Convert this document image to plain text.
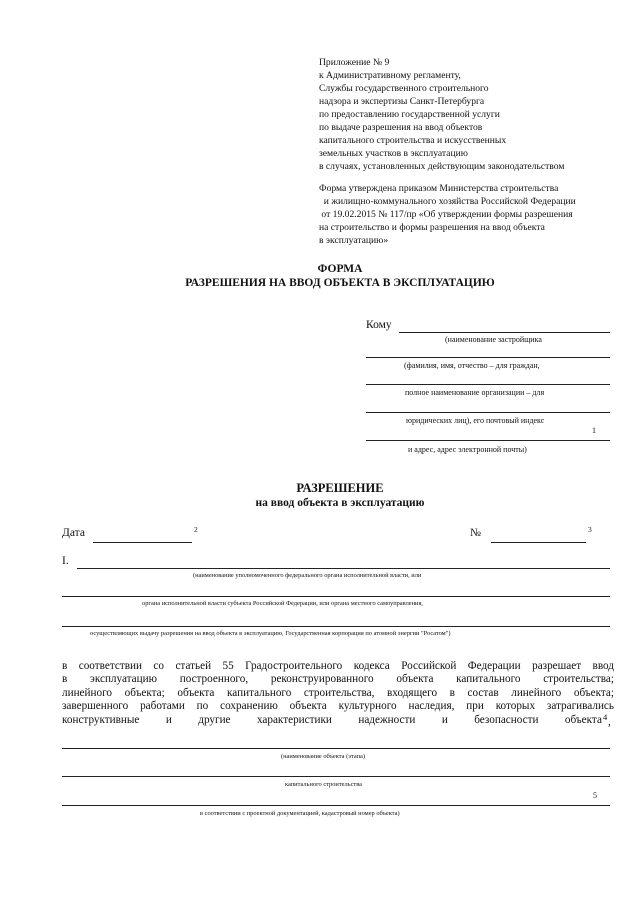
Приложение № 9
к Административному регламенту,
Службы государственного строительного
надзора и экспертизы Санкт-Петербурга
по предоставлению государственной услуги
по выдаче разрешения на ввод объектов
капитального строительства и искусственных
земельных участков в эксплуатацию
в случаях, установленных действующим законодательством
Форма утверждена приказом Министерства строительства
и жилищно-коммунального хозяйства Российской Федерации
от 19.02.2015 № 117/пр «Об утверждении формы разрешения
на строительство и формы разрешения на ввод объекта
в эксплуатацию»
ФОРМА
РАЗРЕШЕНИЯ НА ВВОД ОБЪЕКТА В ЭКСПЛУАТАЦИЮ
Кому
(наименование застройщика
(фамилия, имя, отчество – для граждан,
полное наименование организации – для
юридических лиц), его почтовый индекс
1
и адрес, адрес электронной почты)
РАЗРЕШЕНИЕ
на ввод объекта в эксплуатацию
Дата	2	№	3
I.
(наименование уполномоченного федерального органа исполнительной власти, или
органа исполнительной власти субъекта Российской Федерации, или органа местного самоуправления,
осуществляющих выдачу разрешения на ввод объекта в эксплуатацию, Государственная корпорация по атомной энергии "Росатом")
в соответствии со статьей 55 Градостроительного кодекса Российской Федерации разрешает ввод
в эксплуатацию построенного, реконструированного объекта капитального строительства;
линейного объекта; объекта капитального строительства, входящего в состав линейного объекта;
завершенного работами по сохранению объекта культурного наследия, при которых затрагивались
конструктивные и другие характеристики надежности и безопасности объекта 4 ,
(наименование объекта (этапа)
капитального строительства
5
в соответствии с проектной документацией, кадастровый номер объекта)
